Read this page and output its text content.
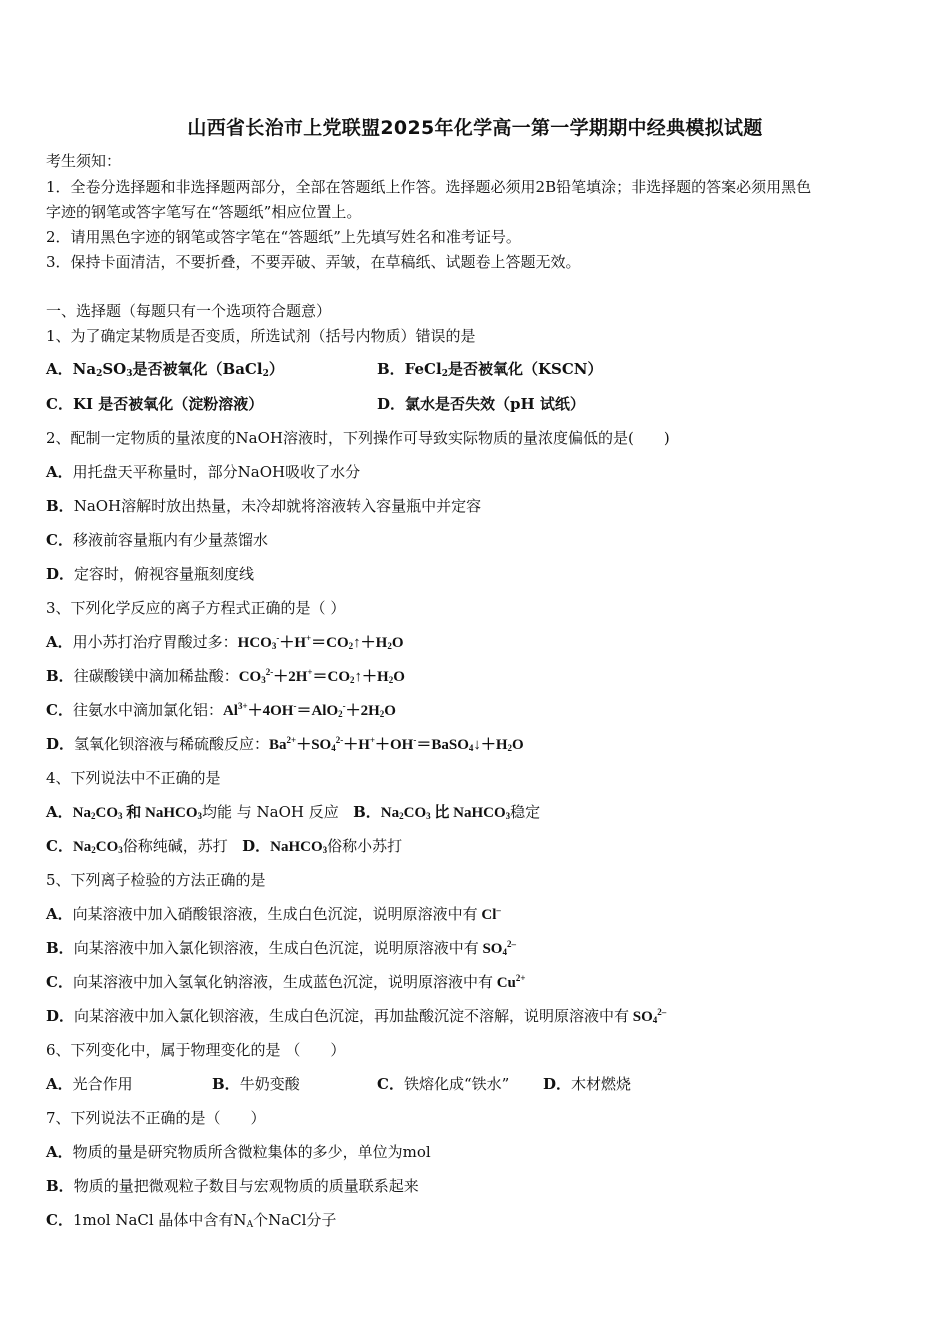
山西省长治市上党联盟2025年化学高一第一学期期中经典模拟试题
考生须知：
1．全卷分选择题和非选择题两部分，全部在答题纸上作答。选择题必须用2B铅笔填涂；非选择题的答案必须用黑色
字迹的钢笔或答字笔写在“答题纸”相应位置上。
2．请用黑色字迹的钢笔或答字笔在“答题纸”上先填写姓名和准考证号。
3．保持卡面清洁，不要折叠，不要弄破、弄皱，在草稿纸、试题卷上答题无效。
一、选择题（每题只有一个选项符合题意）
1、为了确定某物质是否变质，所选试剂（括号内物质）错误的是
A．$Na_2SO_3$是否被氧化（BaCl$_2$）	B．FeCl$_2$是否被氧化（KSCN）
C．KI 是否被氧化（淀粉溶液）	D．氯水是否失效（pH 试纸）
2、配制一定物质的量浓度的NaOH溶液时，下列操作可导致实际物质的量浓度偏低的是(　　)
A．用托盘天平称量时，部分NaOH吸收了水分
B．NaOH溶解时放出热量，未冷却就将溶液转入容量瓶中并定容
C．移液前容量瓶内有少量蒸馏水
D．定容时，俯视容量瓶刻度线
3、下列化学反应的离子方程式正确的是（ ）
A．用小苏打治疗胃酸过多：$HCO_3^-+H^+=CO_2↑+H_2O$
B．往碳酸镁中滴加稀盐酸：$CO_3^{2-}+2H^+=CO_2↑+H_2O$
C．往氨水中滴加氯化铝：$Al^{3+}+4OH^-=AlO_2^-+2H_2O$
D．氢氧化钡溶液与稀硫酸反应：$Ba^{2+}+SO_4^{2-}+H^++OH^-=BaSO_4↓+H_2O$
4、下列说法中不正确的是
A．$Na_2CO_3$ 和 NaHCO$_3$均能 与 NaOH 反应 B．$Na_2CO_3$ 比 NaHCO$_3$稳定
C．$Na_2CO_3$俗称纯碱，苏打 D．NaHCO$_3$俗称小苏打
5、下列离子检验的方法正确的是
A．向某溶液中加入硝酸银溶液，生成白色沉淀，说明原溶液中有 Cl–
B．向某溶液中加入氯化钡溶液，生成白色沉淀，说明原溶液中有 $SO_4^{2-}$
C．向某溶液中加入氢氧化钠溶液，生成蓝色沉淀，说明原溶液中有 $Cu^{2+}$
D．向某溶液中加入氯化钡溶液，生成白色沉淀，再加盐酸沉淀不溶解，说明原溶液中有 $SO_4^{2-}$
6、下列变化中，属于物理变化的是 （　　）
A．光合作用	B．牛奶变酸	C．铁熔化成“铁水” D．木材燃烧
7、下列说法不正确的是（　　）
A．物质的量是研究物质所含微粒集体的多少，单位为mol
B．物质的量把微观粒子数目与宏观物质的质量联系起来
C．1mol NaCl 晶体中含有$N_A$个NaCl分子
